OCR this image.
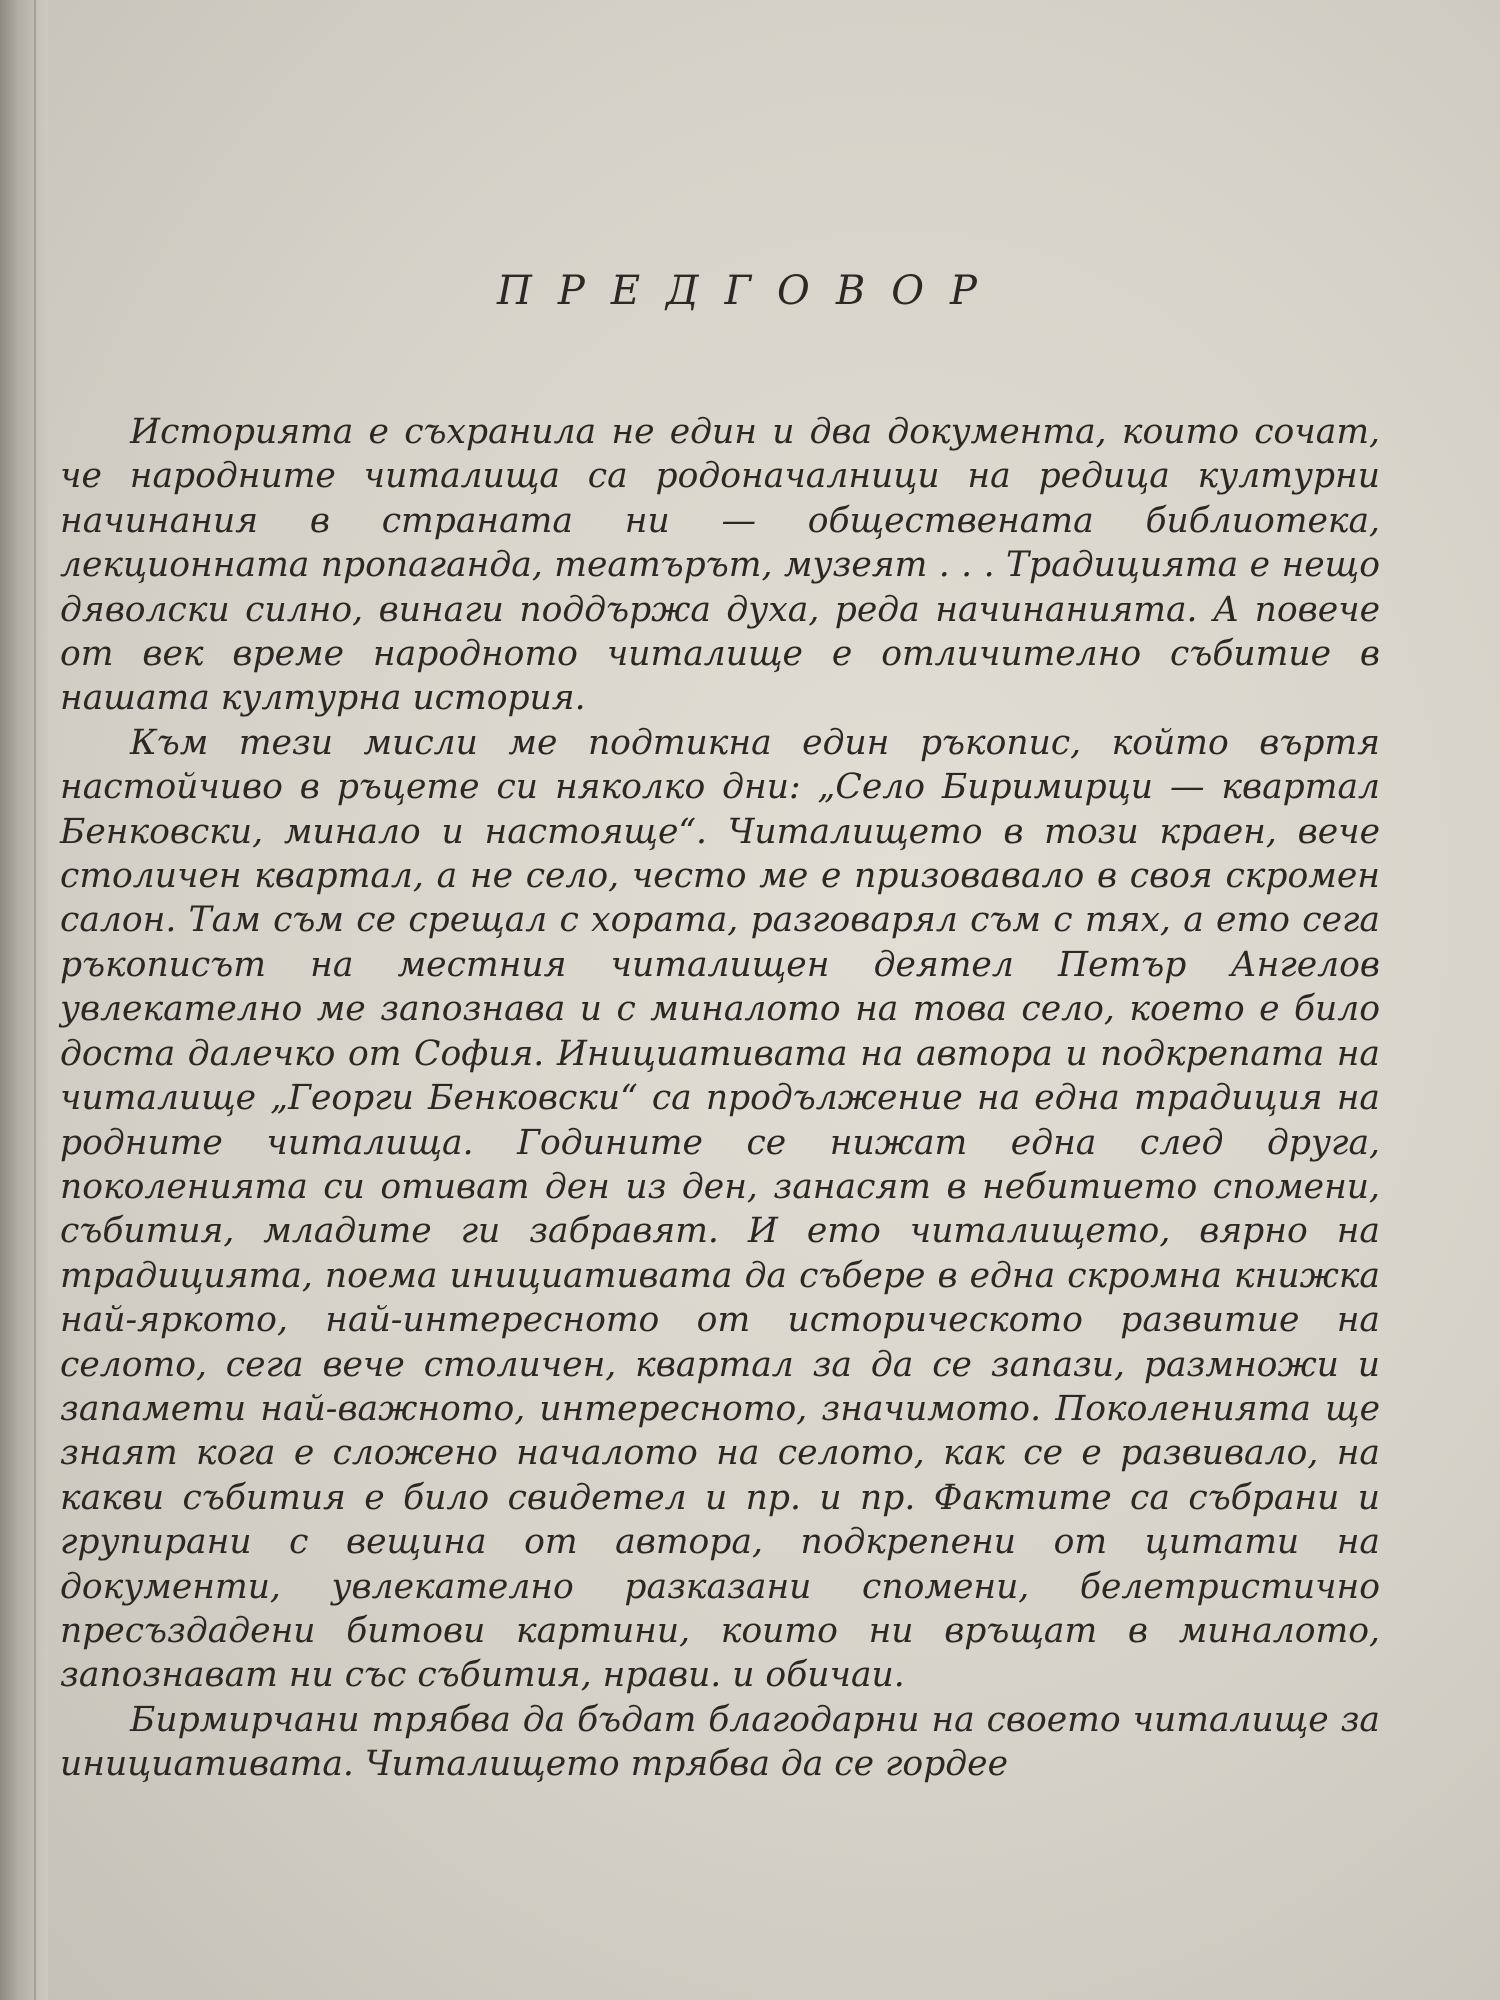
ПРЕДГОВОР

Историята е съхранила не един и два документа, които сочат, че народните читалища са родоначалници на редица културни начинания в страната ни — обществената библиотека, лекционната пропаганда, театърът, музеят . . . Традицията е нещо дяволски силно, винаги поддържа духа, реда начинанията. А повече от век време народното читалище е отличително събитие в нашата културна история.

Към тези мисли ме подтикна един ръкопис, който въртя настойчиво в ръцете си няколко дни: „Село Биримирци — квартал Бенковски, минало и настояще“. Читалището в този краен, вече столичен квартал, а не село, често ме е призовавало в своя скромен салон. Там съм се срещал с хората, разговарял съм с тях, а ето сега ръкописът на местния читалищен деятел Петър Ангелов увлекателно ме запознава и с миналото на това село, което е било доста далечко от София. Инициативата на автора и подкрепата на читалище „Георги Бенковски“ са продължение на една традиция на родните читалища. Годините се нижат една след друга, поколенията си отиват ден из ден, занасят в небитието спомени, събития, младите ги забравят. И ето читалището, вярно на традицията, поема инициативата да събере в една скромна книжка най-яркото, най-интересното от историческото развитие на селото, сега вече столичен, квартал за да се запази, размножи и запамети най-важното, интересното, значимото. Поколенията ще знаят кога е сложено началото на селото, как се е развивало, на какви събития е било свидетел и пр. и пр. Фактите са събрани и групирани с вещина от автора, подкрепени от цитати на документи, увлекателно разказани спомени, белетристично пресъздадени битови картини, които ни връщат в миналото, запознават ни със събития, нрави. и обичаи.

Бирмирчани трябва да бъдат благодарни на своето читалище за инициативата. Читалището трябва да се гордее
